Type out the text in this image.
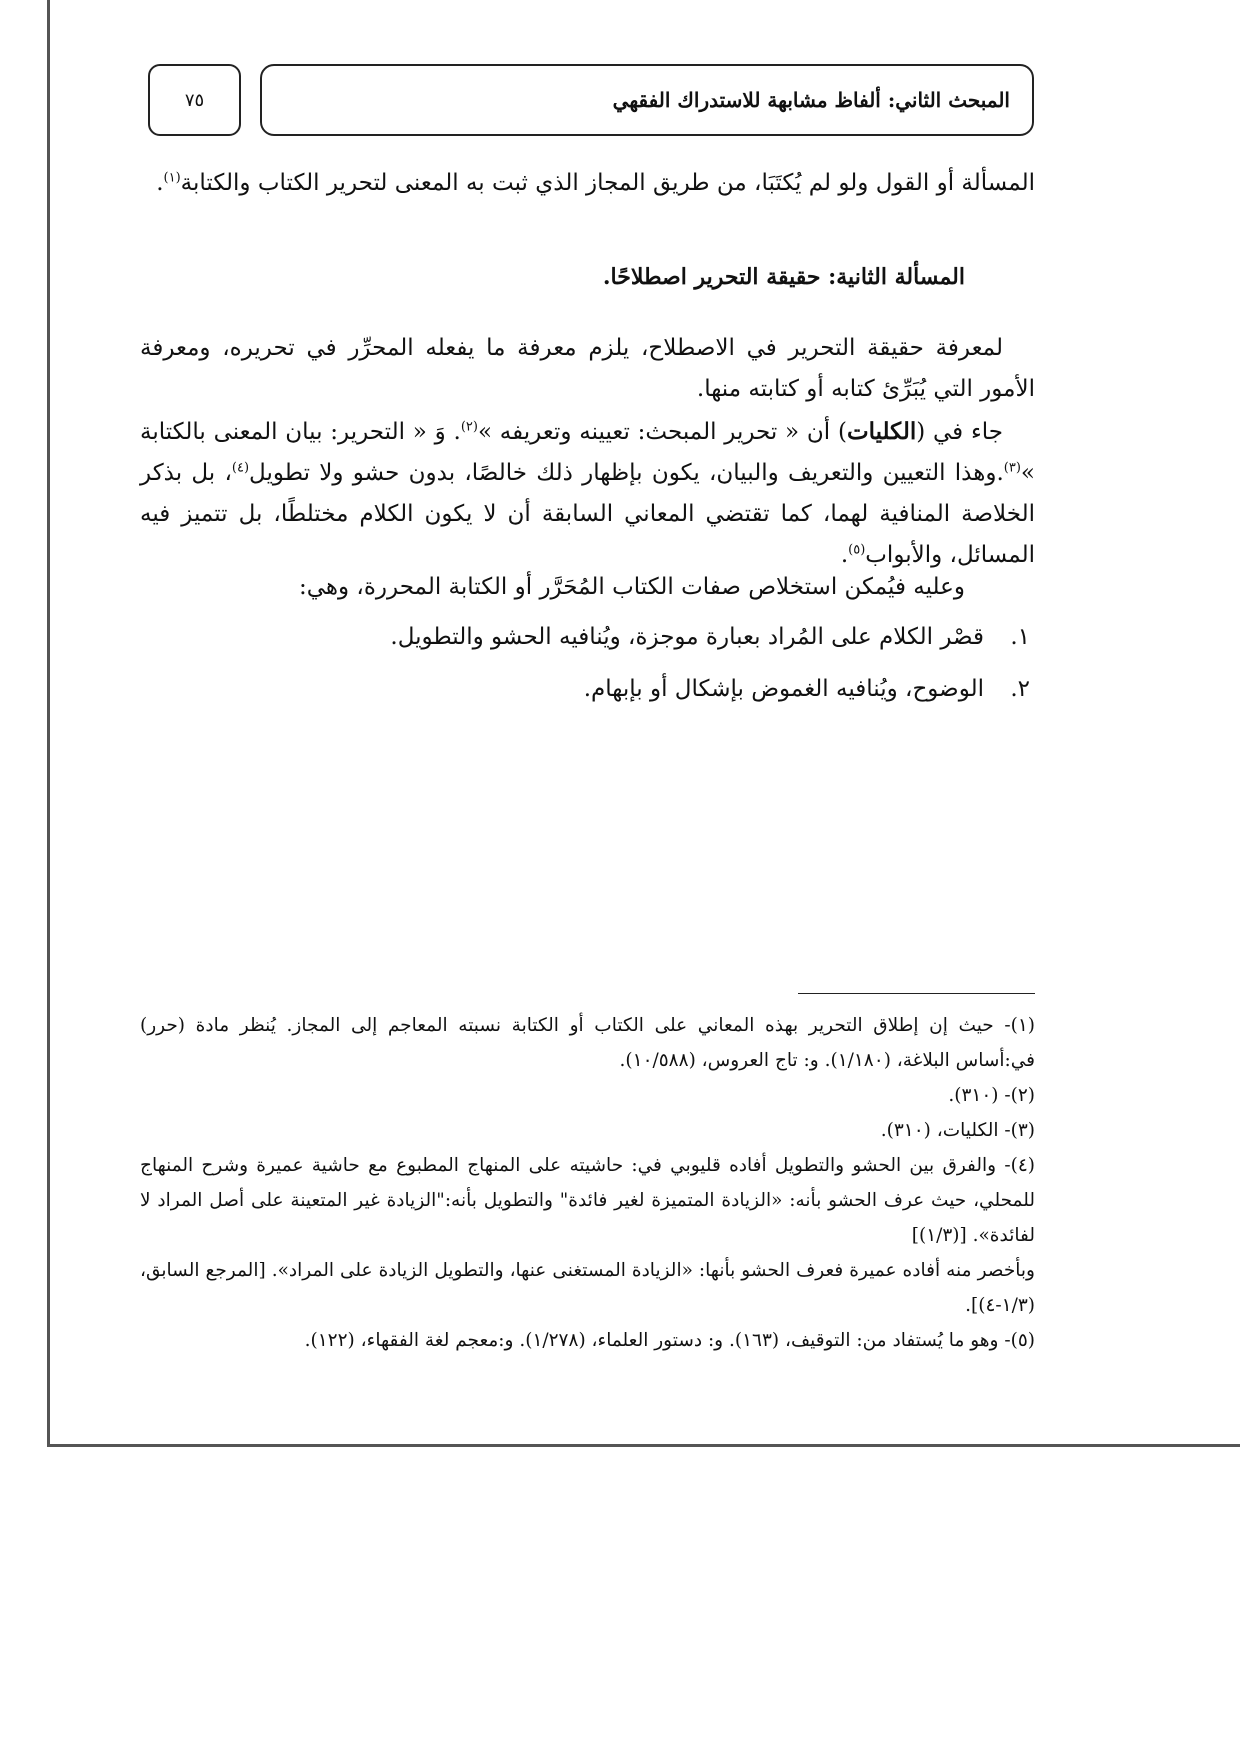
٧٥	المبحث الثاني: ألفاظ مشابهة للاستدراك الفقهي
المسألة أو القول ولو لم يُكتَبَا، من طريق المجاز الذي ثبت به المعنى لتحرير الكتاب والكتابة$^{(١)}$.
المسألة الثانية: حقيقة التحرير اصطلاحًا.
لمعرفة حقيقة التحرير في الاصطلاح، يلزم معرفة ما يفعله المحرِّر في تحريره، ومعرفة الأمور التي يُبَرِّئ كتابه أو كتابته منها.
جاء في (الكليات) أن « تحرير المبحث: تعيينه وتعريفه »$^{(٢)}$. وَ « التحرير: بيان المعنى بالكتابة »$^{(٣)}$.وهذا التعيين والتعريف والبيان، يكون بإظهار ذلك خالصًا، بدون حشو ولا تطويل$^{(٤)}$، بل بذكر الخلاصة المنافية لهما، كما تقتضي المعاني السابقة أن لا يكون الكلام مختلطًا، بل تتميز فيه المسائل، والأبواب$^{(٥)}$.
وعليه فيُمكن استخلاص صفات الكتاب المُحَرَّر أو الكتابة المحررة، وهي:
١.قصْر الكلام على المُراد بعبارة موجزة، ويُنافيه الحشو والتطويل.
٢.الوضوح، ويُنافيه الغموض بإشكال أو بإبهام.

(١)- حيث إن إطلاق التحرير بهذه المعاني على الكتاب أو الكتابة نسبته المعاجم إلى المجاز. يُنظر مادة (حرر) في:أساس البلاغة، (١/١٨٠). و: تاج العروس، (١٠/٥٨٨).

(٢)- (٣١٠).

(٣)- الكليات، (٣١٠).

(٤)- والفرق بين الحشو والتطويل أفاده قليوبي في: حاشيته على المنهاج المطبوع مع حاشية عميرة وشرح المنهاج للمحلي، حيث عرف الحشو بأنه: «الزيادة المتميزة لغير فائدة" والتطويل بأنه:"الزيادة غير المتعينة على أصل المراد لا لفائدة». [(١/٣)]

وبأخصر منه أفاده عميرة فعرف الحشو بأنها: «الزيادة المستغنى عنها، والتطويل الزيادة على المراد». [المرجع السابق، (١/٣-٤)].

(٥)- وهو ما يُستفاد من: التوقيف، (١٦٣). و: دستور العلماء، (١/٢٧٨). و:معجم لغة الفقهاء، (١٢٢).
